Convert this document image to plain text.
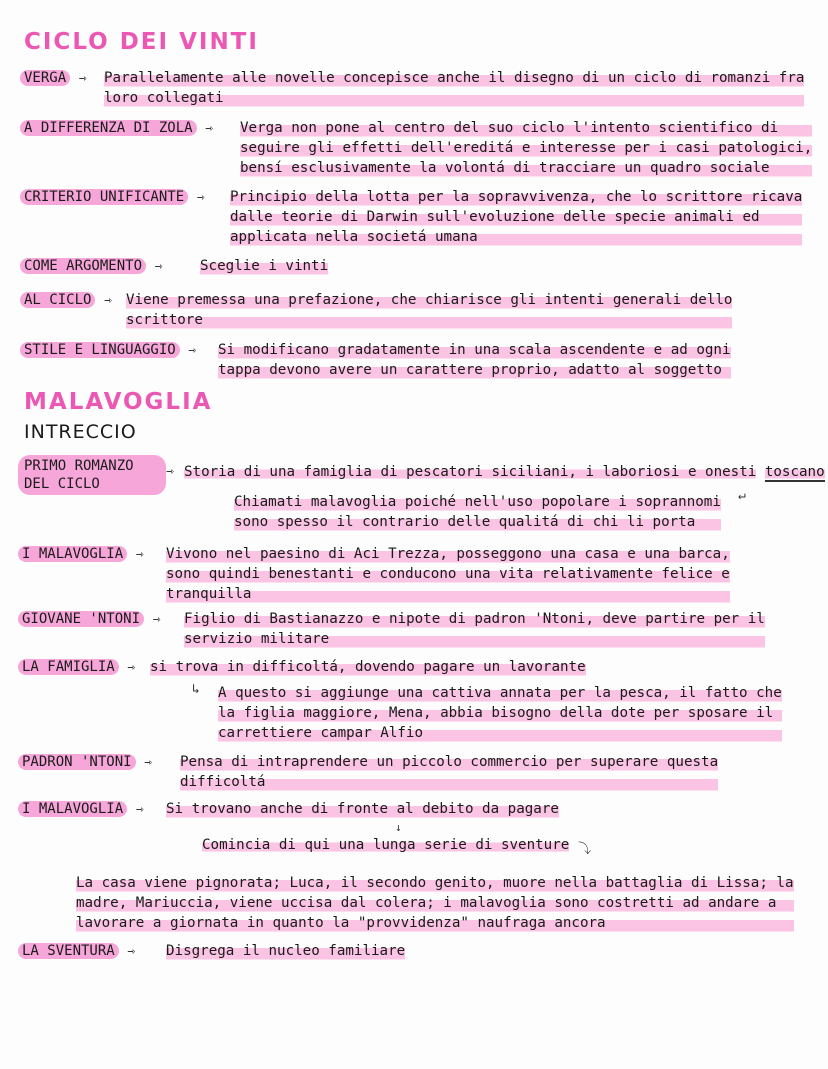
CICLO DEI VINTI
VERGA ⇾ Parallelamente alle novelle concepisce anche il disegno di un ciclo di romanzi fra
loro collegati
A DIFFERENZA DI ZOLA ⇾ Verga non pone al centro del suo ciclo l'intento scientifico di
seguire gli effetti dell'ereditá e interesse per i casi patologici,
bensí esclusivamente la volontá di tracciare un quadro sociale
CRITERIO UNIFICANTE ⇾ Principio della lotta per la sopravvivenza, che lo scrittore ricava
dalle teorie di Darwin sull'evoluzione delle specie animali ed
applicata nella societá umana
COME ARGOMENTO ⇾	Sceglie i vinti
AL CICLO ⇾ Viene premessa una prefazione, che chiarisce gli intenti generali dello
scrittore
STILE E LINGUAGGIO ⇾ Si modificano gradatamente in una scala ascendente e ad ogni
tappa devono avere un carattere proprio, adatto al soggetto
MALAVOGLIA
INTRECCIO
PRIMO ROMANZO
DEL CICLO
⇾ Storia di una famiglia di pescatori siciliani, i laboriosi e onesti toscano
↵
Chiamati malavoglia poiché nell'uso popolare i soprannomi
sono spesso il contrario delle qualitá di chi li porta
I MALAVOGLIA ⇾ Vivono nel paesino di Aci Trezza, posseggono una casa e una barca,
sono quindi benestanti e conducono una vita relativamente felice e
tranquilla
GIOVANE 'NTONI ⇾ Figlio di Bastianazzo e nipote di padron 'Ntoni, deve partire per il
servizio militare
LA FAMIGLIA ⇾ si trova in difficoltá, dovendo pagare un lavorante
↳ A questo si aggiunge una cattiva annata per la pesca, il fatto che
la figlia maggiore, Mena, abbia bisogno della dote per sposare il
carrettiere campar Alfio
PADRON 'NTONI ⇾ Pensa di intraprendere un piccolo commercio per superare questa
difficoltá
I MALAVOGLIA ⇾ Si trovano anche di fronte al debito da pagare
↓
Comincia di qui una lunga serie di sventure ⤵
La casa viene pignorata; Luca, il secondo genito, muore nella battaglia di Lissa; la
madre, Mariuccia, viene uccisa dal colera; i malavoglia sono costretti ad andare a
lavorare a giornata in quanto la "provvidenza" naufraga ancora
LA SVENTURA ⇾ Disgrega il nucleo familiare
